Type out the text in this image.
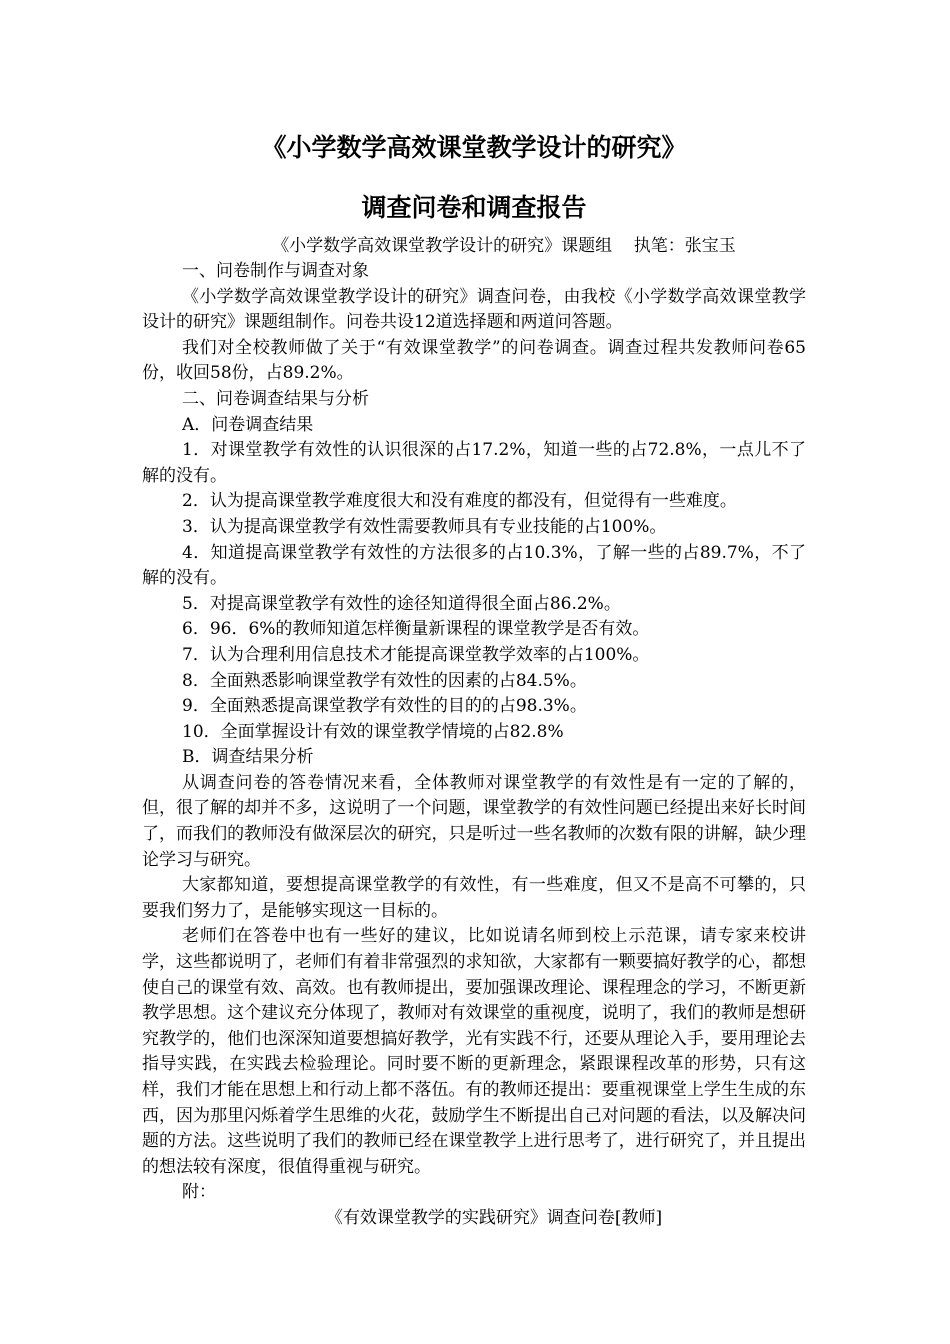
《小学数学高效课堂教学设计的研究》
调查问卷和调查报告
《小学数学高效课堂教学设计的研究》课题组    执笔：张宝玉

一、问卷制作与调查对象

《小学数学高效课堂教学设计的研究》调查问卷，由我校《小学数学高效课堂教学设计的研究》课题组制作。问卷共设12道选择题和两道问答题。

我们对全校教师做了关于“有效课堂教学”的问卷调查。调查过程共发教师问卷65份，收回58份，占89.2%。

二、问卷调查结果与分析

A．问卷调查结果

1．对课堂教学有效性的认识很深的占17.2%，知道一些的占72.8%，一点儿不了解的没有。

2．认为提高课堂教学难度很大和没有难度的都没有，但觉得有一些难度。

3．认为提高课堂教学有效性需要教师具有专业技能的占100%。

4．知道提高课堂教学有效性的方法很多的占10.3%，了解一些的占89.7%，不了解的没有。

5．对提高课堂教学有效性的途径知道得很全面占86.2%。

6．96．6%的教师知道怎样衡量新课程的课堂教学是否有效。

7．认为合理利用信息技术才能提高课堂教学效率的占100%。

8．全面熟悉影响课堂教学有效性的因素的占84.5%。

9．全面熟悉提高课堂教学有效性的目的的占98.3%。

10．全面掌握设计有效的课堂教学情境的占82.8%

B．调查结果分析

从调查问卷的答卷情况来看，全体教师对课堂教学的有效性是有一定的了解的，但，很了解的却并不多，这说明了一个问题，课堂教学的有效性问题已经提出来好长时间了，而我们的教师没有做深层次的研究，只是听过一些名教师的次数有限的讲解，缺少理论学习与研究。

大家都知道，要想提高课堂教学的有效性，有一些难度，但又不是高不可攀的，只要我们努力了，是能够实现这一目标的。

老师们在答卷中也有一些好的建议，比如说请名师到校上示范课，请专家来校讲学，这些都说明了，老师们有着非常强烈的求知欲，大家都有一颗要搞好教学的心，都想使自己的课堂有效、高效。也有教师提出，要加强课改理论、课程理念的学习，不断更新教学思想。这个建议充分体现了，教师对有效课堂的重视度，说明了，我们的教师是想研究教学的，他们也深深知道要想搞好教学，光有实践不行，还要从理论入手，要用理论去指导实践，在实践去检验理论。同时要不断的更新理念，紧跟课程改革的形势，只有这样，我们才能在思想上和行动上都不落伍。有的教师还提出：要重视课堂上学生生成的东西，因为那里闪烁着学生思维的火花，鼓励学生不断提出自己对问题的看法，以及解决问题的方法。这些说明了我们的教师已经在课堂教学上进行思考了，进行研究了，并且提出的想法较有深度，很值得重视与研究。

附：

《有效课堂教学的实践研究》调查问卷[教师]
